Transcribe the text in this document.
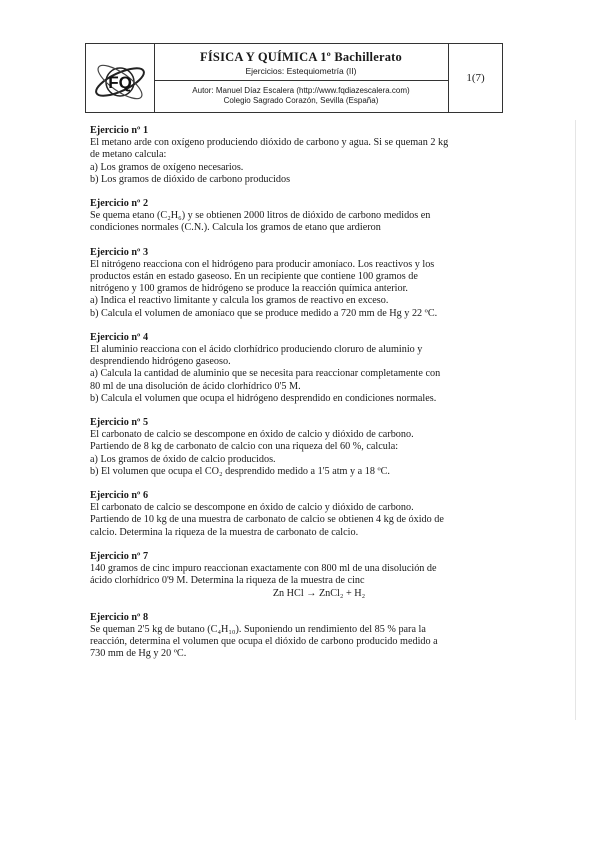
FQ
FÍSICA Y QUÍMICA 1º Bachillerato
Ejercicios: Estequiometría (II)
Autor: Manuel Díaz Escalera (http://www.fqdiazescalera.com)
Colegio Sagrado Corazón, Sevilla (España)
1(7)
Ejercicio nº 1
El metano arde con oxígeno produciendo dióxido de carbono y agua. Si se queman 2 kg
de metano calcula:
a) Los gramos de oxígeno necesarios.
b) Los gramos de dióxido de carbono producidos
Ejercicio nº 2
Se quema etano (C₂H₆) y se obtienen 2000 litros de dióxido de carbono medidos en
condiciones normales (C.N.). Calcula los gramos de etano que ardieron
Ejercicio nº 3
El nitrógeno reacciona con el hidrógeno para producir amoníaco. Los reactivos y los
productos están en estado gaseoso. En un recipiente que contiene 100 gramos de
nitrógeno y 100 gramos de hidrógeno se produce la reacción química anterior.
a) Indica el reactivo limitante y calcula los gramos de reactivo en exceso.
b) Calcula el volumen de amoníaco que se produce medido a 720 mm de Hg y 22 ºC.
Ejercicio nº 4
El aluminio reacciona con el ácido clorhídrico produciendo cloruro de aluminio y
desprendiendo hidrógeno gaseoso.
a) Calcula la cantidad de aluminio que se necesita para reaccionar completamente con
80 ml de una disolución de ácido clorhídrico 0'5 M.
b) Calcula el volumen que ocupa el hidrógeno desprendido en condiciones normales.
Ejercicio nº 5
El carbonato de calcio se descompone en óxido de calcio y dióxido de carbono.
Partiendo de 8 kg de carbonato de calcio con una riqueza del 60 %, calcula:
a) Los gramos de óxido de calcio producidos.
b) El volumen que ocupa el CO₂ desprendido medido a 1'5 atm y a 18 ºC.
Ejercicio nº 6
El carbonato de calcio se descompone en óxido de calcio y dióxido de carbono.
Partiendo de 10 kg de una muestra de carbonato de calcio se obtienen 4 kg de óxido de
calcio. Determina la riqueza de la muestra de carbonato de calcio.
Ejercicio nº 7
140 gramos de cinc impuro reaccionan exactamente con 800 ml de una disolución de
ácido clorhídrico 0'9 M. Determina la riqueza de la muestra de cinc
Zn HCl → ZnCl₂ + H₂
Ejercicio nº 8
Se queman 2'5 kg de butano (C₄H₁₀). Suponiendo un rendimiento del 85 % para la
reacción, determina el volumen que ocupa el dióxido de carbono producido medido a
730 mm de Hg y 20 ºC.
